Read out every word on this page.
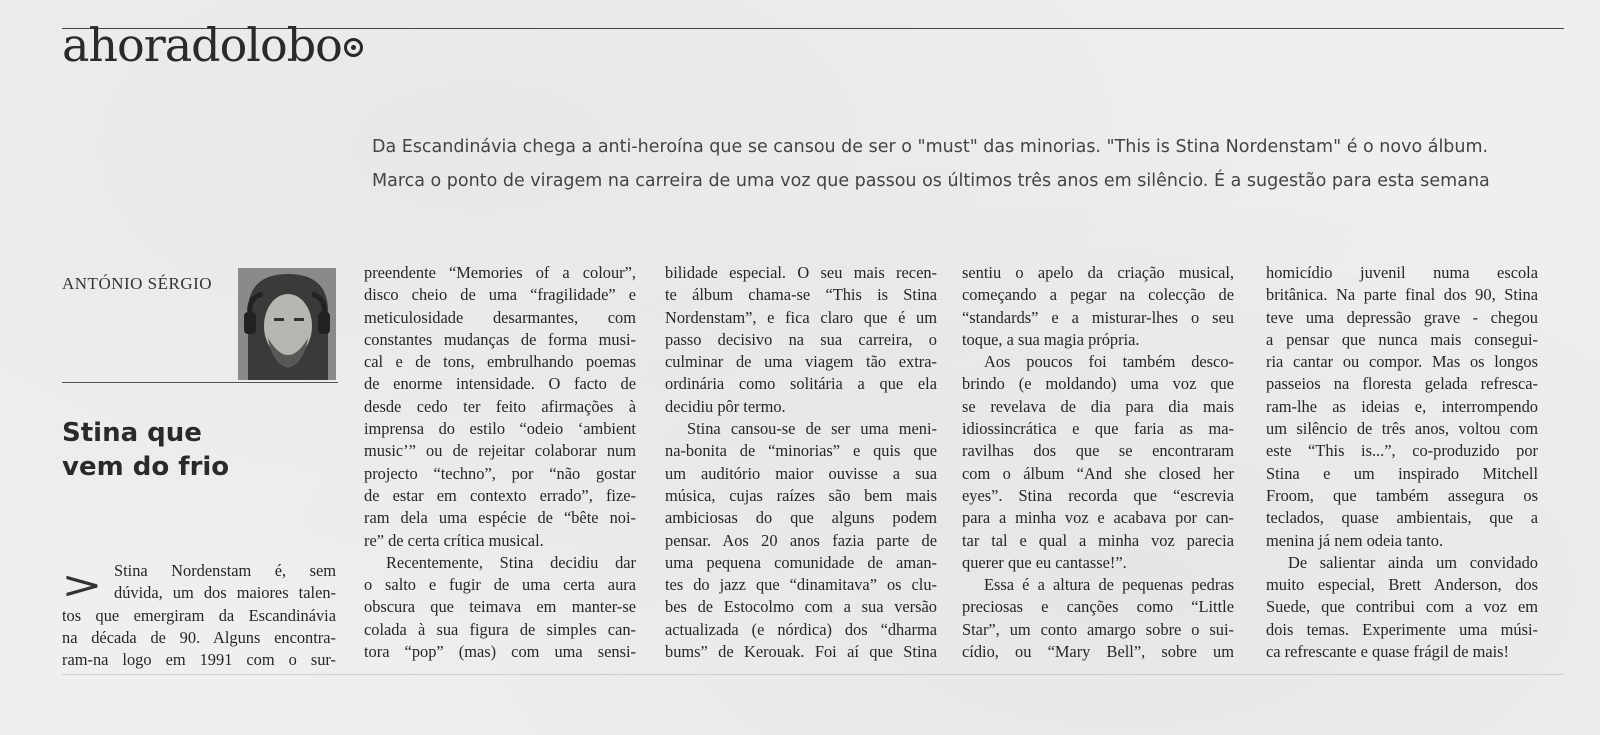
ahoradolobo

Da Escandinávia chega a anti-heroína que se cansou de ser o "must" das minorias. "This is Stina Nordenstam" é o novo álbum.

Marca o ponto de viragem na carreira de uma voz que passou os últimos três anos em silêncio. É a sugestão para esta semana

ANTÓNIO SÉRGIO
Stina que
vem do frio
> Stina Nordenstam é, sem
dúvida, um dos maiores talen-
tos que emergiram da Escandinávia
na década de 90. Alguns encontra-
ram-na logo em 1991 com o sur-
preendente “Memories of a colour”,
disco cheio de uma “fragilidade” e
meticulosidade desarmantes, com
constantes mudanças de forma musi-
cal e de tons, embrulhando poemas
de enorme intensidade. O facto de
desde cedo ter feito afirmações à
imprensa do estilo “odeio ‘ambient
music’” ou de rejeitar colaborar num
projecto “techno”, por “não gostar
de estar em contexto errado”, fize-
ram dela uma espécie de “bête noi-
re” de certa crítica musical.
Recentemente, Stina decidiu dar
o salto e fugir de uma certa aura
obscura que teimava em manter-se
colada à sua figura de simples can-
tora “pop” (mas) com uma sensi-
bilidade especial. O seu mais recen-
te álbum chama-se “This is Stina
Nordenstam”, e fica claro que é um
passo decisivo na sua carreira, o
culminar de uma viagem tão extra-
ordinária como solitária a que ela
decidiu pôr termo.
Stina cansou-se de ser uma meni-
na-bonita de “minorias” e quis que
um auditório maior ouvisse a sua
música, cujas raízes são bem mais
ambiciosas do que alguns podem
pensar. Aos 20 anos fazia parte de
uma pequena comunidade de aman-
tes do jazz que “dinamitava” os clu-
bes de Estocolmo com a sua versão
actualizada (e nórdica) dos “dharma
bums” de Kerouak. Foi aí que Stina
sentiu o apelo da criação musical,
começando a pegar na colecção de
“standards” e a misturar-lhes o seu
toque, a sua magia própria.
Aos poucos foi também desco-
brindo (e moldando) uma voz que
se revelava de dia para dia mais
idiossincrática e que faria as ma-
ravilhas dos que se encontraram
com o álbum “And she closed her
eyes”. Stina recorda que “escrevia
para a minha voz e acabava por can-
tar tal e qual a minha voz parecia
querer que eu cantasse!”.
Essa é a altura de pequenas pedras
preciosas e canções como “Little
Star”, um conto amargo sobre o sui-
cídio, ou “Mary Bell”, sobre um
homicídio juvenil numa escola
britânica. Na parte final dos 90, Stina
teve uma depressão grave - chegou
a pensar que nunca mais consegui-
ria cantar ou compor. Mas os longos
passeios na floresta gelada refresca-
ram-lhe as ideias e, interrompendo
um silêncio de três anos, voltou com
este “This is...”, co-produzido por
Stina e um inspirado Mitchell
Froom, que também assegura os
teclados, quase ambientais, que a
menina já nem odeia tanto.
De salientar ainda um convidado
muito especial, Brett Anderson, dos
Suede, que contribui com a voz em
dois temas. Experimente uma músi-
ca refrescante e quase frágil de mais!
